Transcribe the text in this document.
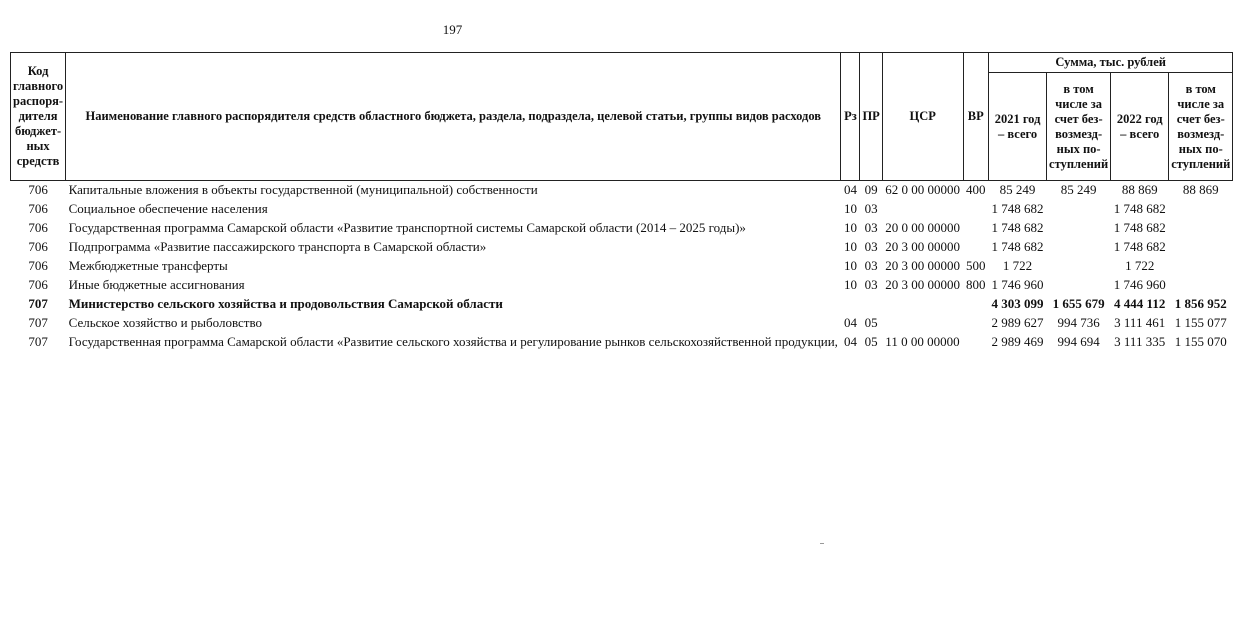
197
Код главного распоря-дителя бюджет-ных средств	Наименование главного распорядителя средств областного бюджета, раздела, подраздела, целевой статьи, группы видов расходов	Рз	ПР	ЦСР	ВР	Сумма, тыс. рублей			
						2021 год – всего	в том числе за счет без-возмезд-ных по-ступлений	2022 год – всего	в том числе за счет без-возмезд-ных по-ступлений
706	Капитальные вложения в объекты государственной (муниципальной) собственности	04	09	62 0 00 00000	400	85 249	85 249	88 869	88 869
706	Социальное обеспечение населения	10	03			1 748 682		1 748 682	
706	Государственная программа Самарской области «Развитие транспортной системы Самарской области (2014 – 2025 годы)»	10	03	20 0 00 00000		1 748 682		1 748 682	
706	Подпрограмма «Развитие пассажирского транспорта в Самарской области»	10	03	20 3 00 00000		1 748 682		1 748 682	
706	Межбюджетные трансферты	10	03	20 3 00 00000	500	1 722		1 722	
706	Иные бюджетные ассигнования	10	03	20 3 00 00000	800	1 746 960		1 746 960	
707	Министерство сельского хозяйства и продовольствия Самарской области					4 303 099	1 655 679	4 444 112	1 856 952
707	Сельское хозяйство и рыболовство	04	05			2 989 627	994 736	3 111 461	1 155 077
707	Государственная программа Самарской области «Развитие сельского хозяйства и регулирование рынков сельскохозяйственной продукции,	04	05	11 0 00 00000		2 989 469	994 694	3 111 335	1 155 070
